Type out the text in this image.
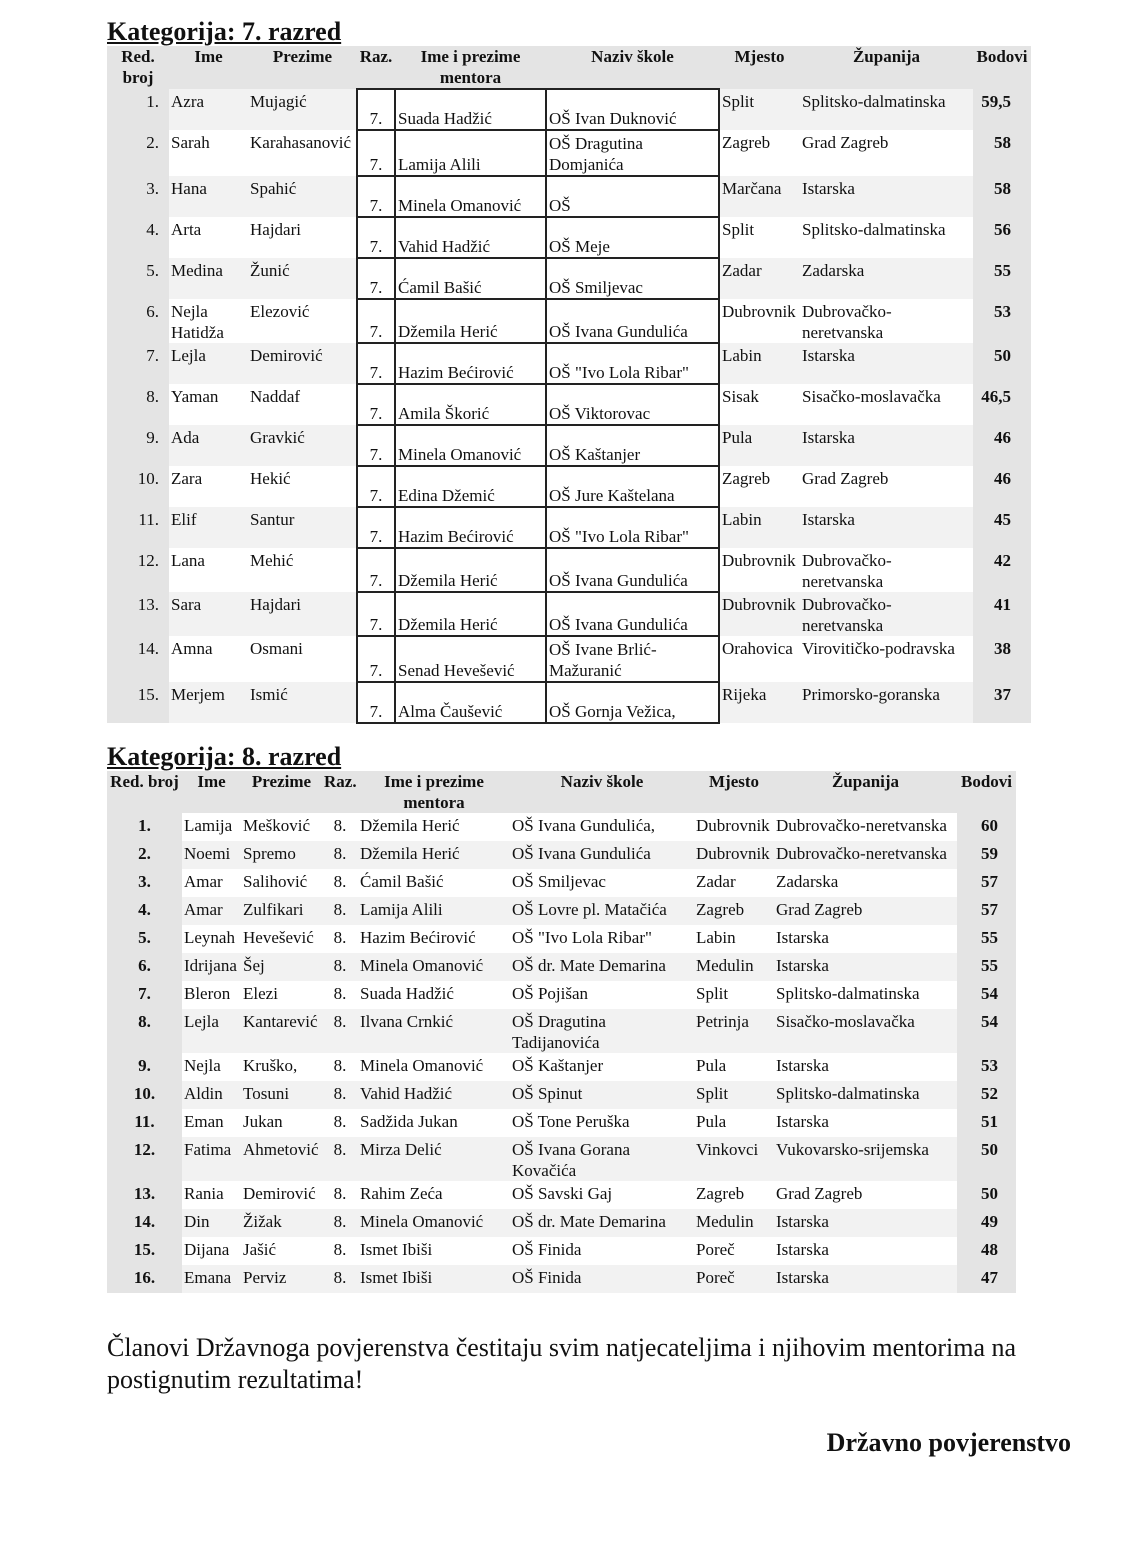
Kategorija: 7. razred
Red. broj	Ime	Prezime	Raz.	Ime i prezime mentora	Naziv škole	Mjesto	Županija	Bodovi
1.	Azra	Mujagić	7.	Suada Hadžić	OŠ Ivan Duknović	Split	Splitsko-dalmatinska	59,5
2.	Sarah	Karahasanović	7.	Lamija Alili	OŠ Dragutina Domjanića	Zagreb	Grad Zagreb	58
3.	Hana	Spahić	7.	Minela Omanović	OŠ	Marčana	Istarska	58
4.	Arta	Hajdari	7.	Vahid Hadžić	OŠ Meje	Split	Splitsko-dalmatinska	56
5.	Medina	Žunić	7.	Ćamil Bašić	OŠ Smiljevac	Zadar	Zadarska	55
6.	Nejla Hatidža	Elezović	7.	Džemila Herić	OŠ Ivana Gundulića	Dubrovnik	Dubrovačko-neretvanska	53
7.	Lejla	Demirović	7.	Hazim Bećirović	OŠ "Ivo Lola Ribar"	Labin	Istarska	50
8.	Yaman	Naddaf	7.	Amila Škorić	OŠ Viktorovac	Sisak	Sisačko-moslavačka	46,5
9.	Ada	Gravkić	7.	Minela Omanović	OŠ Kaštanjer	Pula	Istarska	46
10.	Zara	Hekić	7.	Edina Džemić	OŠ Jure Kaštelana	Zagreb	Grad Zagreb	46
11.	Elif	Santur	7.	Hazim Bećirović	OŠ "Ivo Lola Ribar"	Labin	Istarska	45
12.	Lana	Mehić	7.	Džemila Herić	OŠ Ivana Gundulića	Dubrovnik	Dubrovačko-neretvanska	42
13.	Sara	Hajdari	7.	Džemila Herić	OŠ Ivana Gundulića	Dubrovnik	Dubrovačko-neretvanska	41
14.	Amna	Osmani	7.	Senad Hevešević	OŠ Ivane Brlić-Mažuranić	Orahovica	Virovitičko-podravska	38
15.	Merjem	Ismić	7.	Alma Čaušević	OŠ Gornja Vežica,	Rijeka	Primorsko-goranska	37
Kategorija: 8. razred
Red. broj	Ime	Prezime	Raz.	Ime i prezime mentora	Naziv škole	Mjesto	Županija	Bodovi
1.	Lamija	Mešković	8.	Džemila Herić	OŠ Ivana Gundulića,	Dubrovnik	Dubrovačko-neretvanska	60
2.	Noemi	Spremo	8.	Džemila Herić	OŠ Ivana Gundulića	Dubrovnik	Dubrovačko-neretvanska	59
3.	Amar	Salihović	8.	Ćamil Bašić	OŠ Smiljevac	Zadar	Zadarska	57
4.	Amar	Zulfikari	8.	Lamija Alili	OŠ Lovre pl. Matačića	Zagreb	Grad Zagreb	57
5.	Leynah	Hevešević	8.	Hazim Bećirović	OŠ "Ivo Lola Ribar"	Labin	Istarska	55
6.	Idrijana	Šej	8.	Minela Omanović	OŠ dr. Mate Demarina	Medulin	Istarska	55
7.	Bleron	Elezi	8.	Suada Hadžić	OŠ Pojišan	Split	Splitsko-dalmatinska	54
8.	Lejla	Kantarević	8.	Ilvana Crnkić	OŠ Dragutina Tadijanovića	Petrinja	Sisačko-moslavačka	54
9.	Nejla	Kruško,	8.	Minela Omanović	OŠ Kaštanjer	Pula	Istarska	53
10.	Aldin	Tosuni	8.	Vahid Hadžić	OŠ Spinut	Split	Splitsko-dalmatinska	52
11.	Eman	Jukan	8.	Sadžida Jukan	OŠ Tone Peruška	Pula	Istarska	51
12.	Fatima	Ahmetović	8.	Mirza Delić	OŠ Ivana Gorana Kovačića	Vinkovci	Vukovarsko-srijemska	50
13.	Rania	Demirović	8.	Rahim Zeća	OŠ Savski Gaj	Zagreb	Grad Zagreb	50
14.	Din	Žižak	8.	Minela Omanović	OŠ dr. Mate Demarina	Medulin	Istarska	49
15.	Dijana	Jašić	8.	Ismet Ibiši	OŠ Finida	Poreč	Istarska	48
16.	Emana	Perviz	8.	Ismet Ibiši	OŠ Finida	Poreč	Istarska	47

Članovi Državnoga povjerenstva čestitaju svim natjecateljima i njihovim mentorima na postignutim rezultatima!

Državno povjerenstvo
